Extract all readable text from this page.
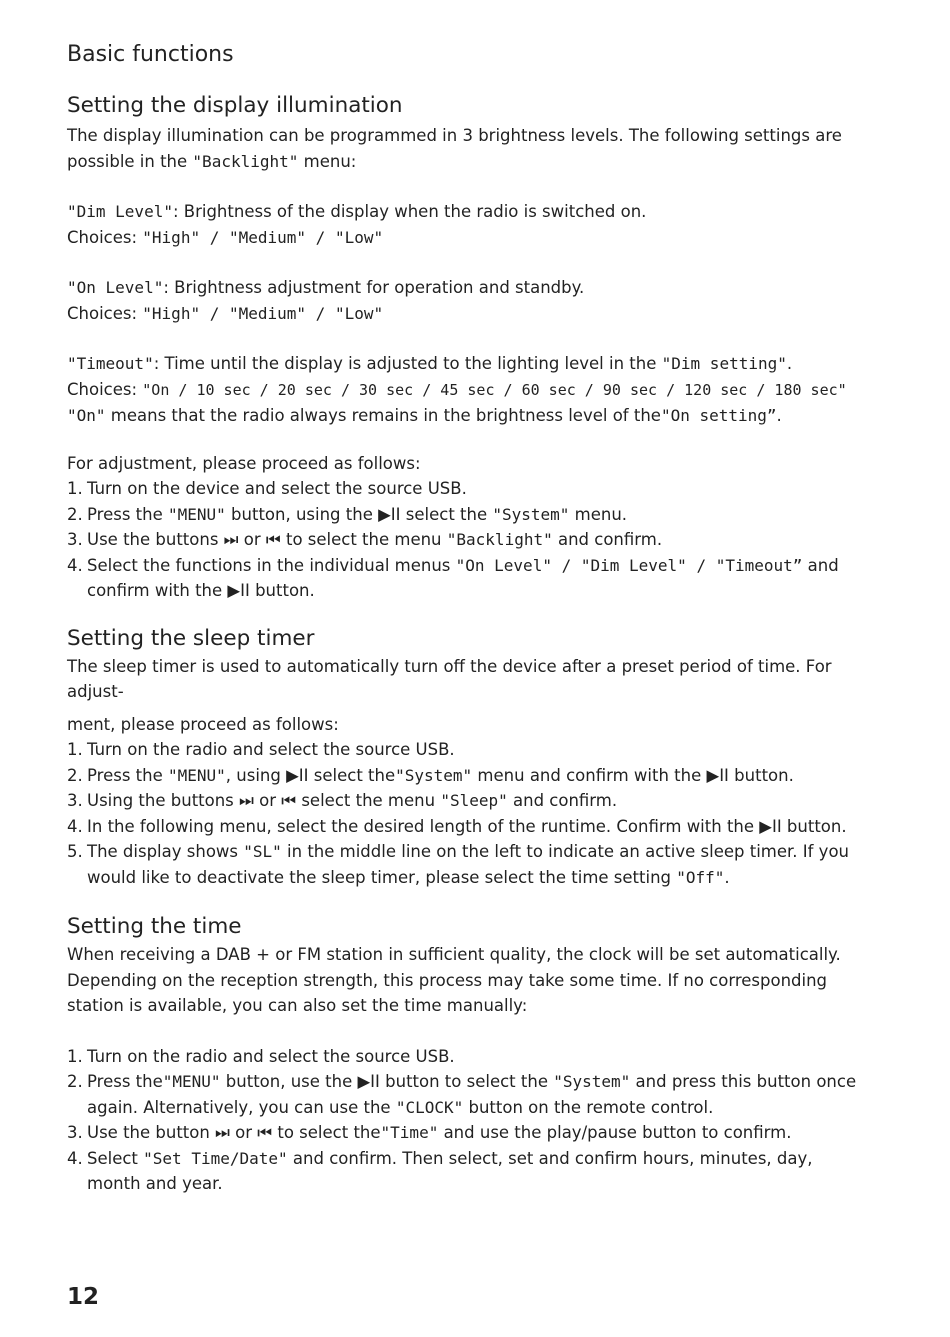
Basic functions
Setting the display illumination

The display illumination can be programmed in 3 brightness levels. The following settings are possible in the "Backlight" menu:

"Dim Level": Brightness of the display when the radio is switched on.

Choices: "High" / "Medium" / "Low"

"On Level": Brightness adjustment for operation and standby.

Choices: "High" / "Medium" / "Low"

"Timeout": Time until the display is adjusted to the lighting level in the "Dim setting".

Choices: "On / 10 sec / 20 sec / 30 sec / 45 sec / 60 sec / 90 sec / 120 sec / 180 sec"

"On" means that the radio always remains in the brightness level of the"On setting”.

For adjustment, please proceed as follows:

1. Turn on the device and select the source USB.
2. Press the "MENU" button, using the ▶II select the "System" menu.
3. Use the buttons ⏭ or ⏮ to select the menu "Backlight" and confirm.
4. Select the functions in the individual menus "On Level" / "Dim Level" / "Timeout” and confirm with the ▶II button.
Setting the sleep timer

The sleep timer is used to automatically turn off the device after a preset period of time. For adjust-

ment, please proceed as follows:

1. Turn on the radio and select the source USB.
2. Press the "MENU", using ▶II select the"System" menu and confirm with the ▶II button.
3. Using the buttons ⏭ or ⏮ select the menu "Sleep" and confirm.
4. In the following menu, select the desired length of the runtime. Confirm with the ▶II button.
5. The display shows "SL" in the middle line on the left to indicate an active sleep timer. If you would like to deactivate the sleep timer, please select the time setting "Off".
Setting the time

When receiving a DAB + or FM station in sufficient quality, the clock will be set automatically. Depending on the reception strength, this process may take some time. If no corresponding station is available, you can also set the time manually:

1. Turn on the radio and select the source USB.
2. Press the"MENU" button, use the ▶II button to select the "System" and press this button once again. Alternatively, you can use the "CLOCK" button on the remote control.
3. Use the button ⏭ or ⏮ to select the"Time" and use the play/pause button to confirm.
4. Select "Set Time/Date" and confirm. Then select, set and confirm hours, minutes, day, month and year.
12
